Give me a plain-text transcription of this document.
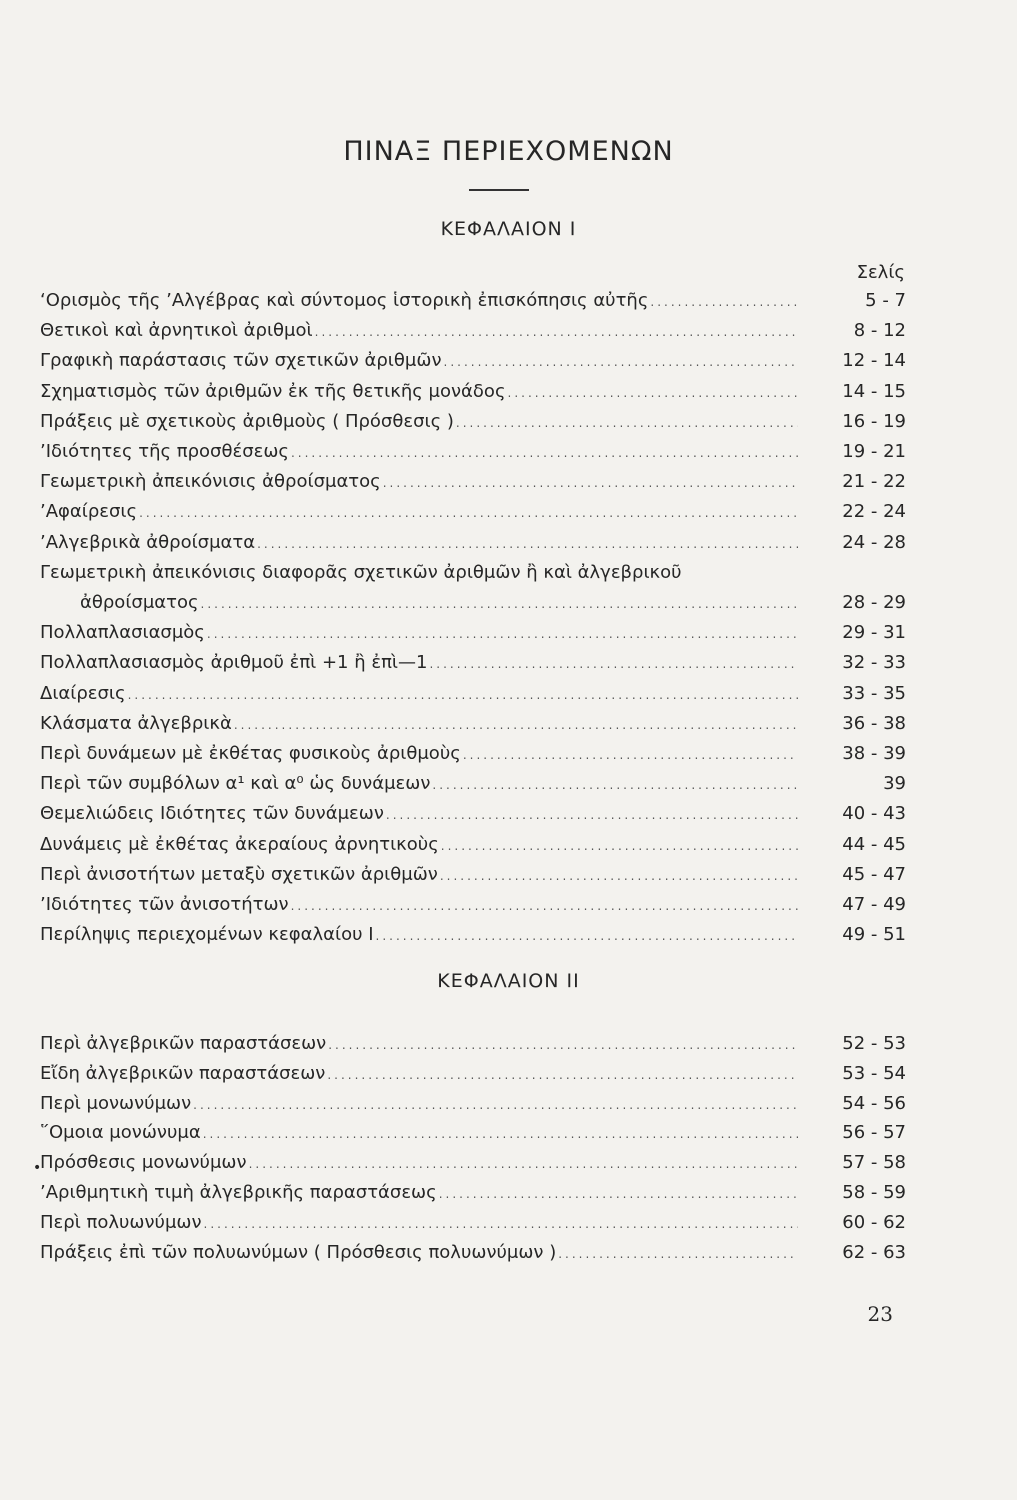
ΠΙΝΑΞ ΠΕΡΙΕΧΟΜΕΝΩΝ
ΚΕΦΑΛΑΙΟΝ Ι
Σελίς
‘Ορισμὸς τῆς ’Αλγέβρας καὶ σύντομος ἱστορικὴ ἐπισκόπησις αὐτῆς .....	5 - 7
Θετικοὶ καὶ ἀρνητικοὶ ἀριθμοὶ .....	8 - 12
Γραφικὴ παράστασις τῶν σχετικῶν ἀριθμῶν .....	12 - 14
Σχηματισμὸς τῶν ἀριθμῶν ἐκ τῆς θετικῆς μονάδος .....	14 - 15
Πράξεις μὲ σχετικοὺς ἀριθμοὺς ( Πρόσθεσις ) .....	16 - 19
’Ιδιότητες τῆς προσθέσεως .....	19 - 21
Γεωμετρικὴ ἀπεικόνισις ἀθροίσματος .....	21 - 22
’Αφαίρεσις .....	22 - 24
’Αλγεβρικὰ ἀθροίσματα .....	24 - 28
Γεωμετρικὴ ἀπεικόνισις διαφορᾶς σχετικῶν ἀριθμῶν ἢ καὶ ἀλγεβρικοῦ
ἀθροίσματος .....	28 - 29
Πολλαπλασιασμὸς .....	29 - 31
Πολλαπλασιασμὸς ἀριθμοῦ ἐπὶ +1 ἢ ἐπὶ—1 .....	32 - 33
Διαίρεσις .....	33 - 35
Κλάσματα ἀλγεβρικὰ .....	36 - 38
Περὶ δυνάμεων μὲ ἐκθέτας φυσικοὺς ἀριθμοὺς .....	38 - 39
Περὶ τῶν συμβόλων α¹ καὶ α⁰ ὡς δυνάμεων .....	39
Θεμελιώδεις Ιδιότητες τῶν δυνάμεων .....	40 - 43
Δυνάμεις μὲ ἐκθέτας ἀκεραίους ἀρνητικοὺς .....	44 - 45
Περὶ ἀνισοτήτων μεταξὺ σχετικῶν ἀριθμῶν .....	45 - 47
’Ιδιότητες τῶν ἀνισοτήτων .....	47 - 49
Περίληψις περιεχομένων κεφαλαίου Ι .....	49 - 51
ΚΕΦΑΛΑΙΟΝ ΙΙ
Περὶ ἀλγεβρικῶν παραστάσεων .....	52 - 53
Εἴδη ἀλγεβρικῶν παραστάσεων .....	53 - 54
Περὶ μονωνύμων .....	54 - 56
῞Ομοια μονώνυμα .....	56 - 57
Πρόσθεσις μονωνύμων .....	57 - 58
’Αριθμητικὴ τιμὴ ἀλγεβρικῆς παραστάσεως .....	58 - 59
Περὶ πολυωνύμων .....	60 - 62
Πράξεις ἐπὶ τῶν πολυωνύμων ( Πρόσθεσις πολυωνύμων ) .....	62 - 63
•
23
